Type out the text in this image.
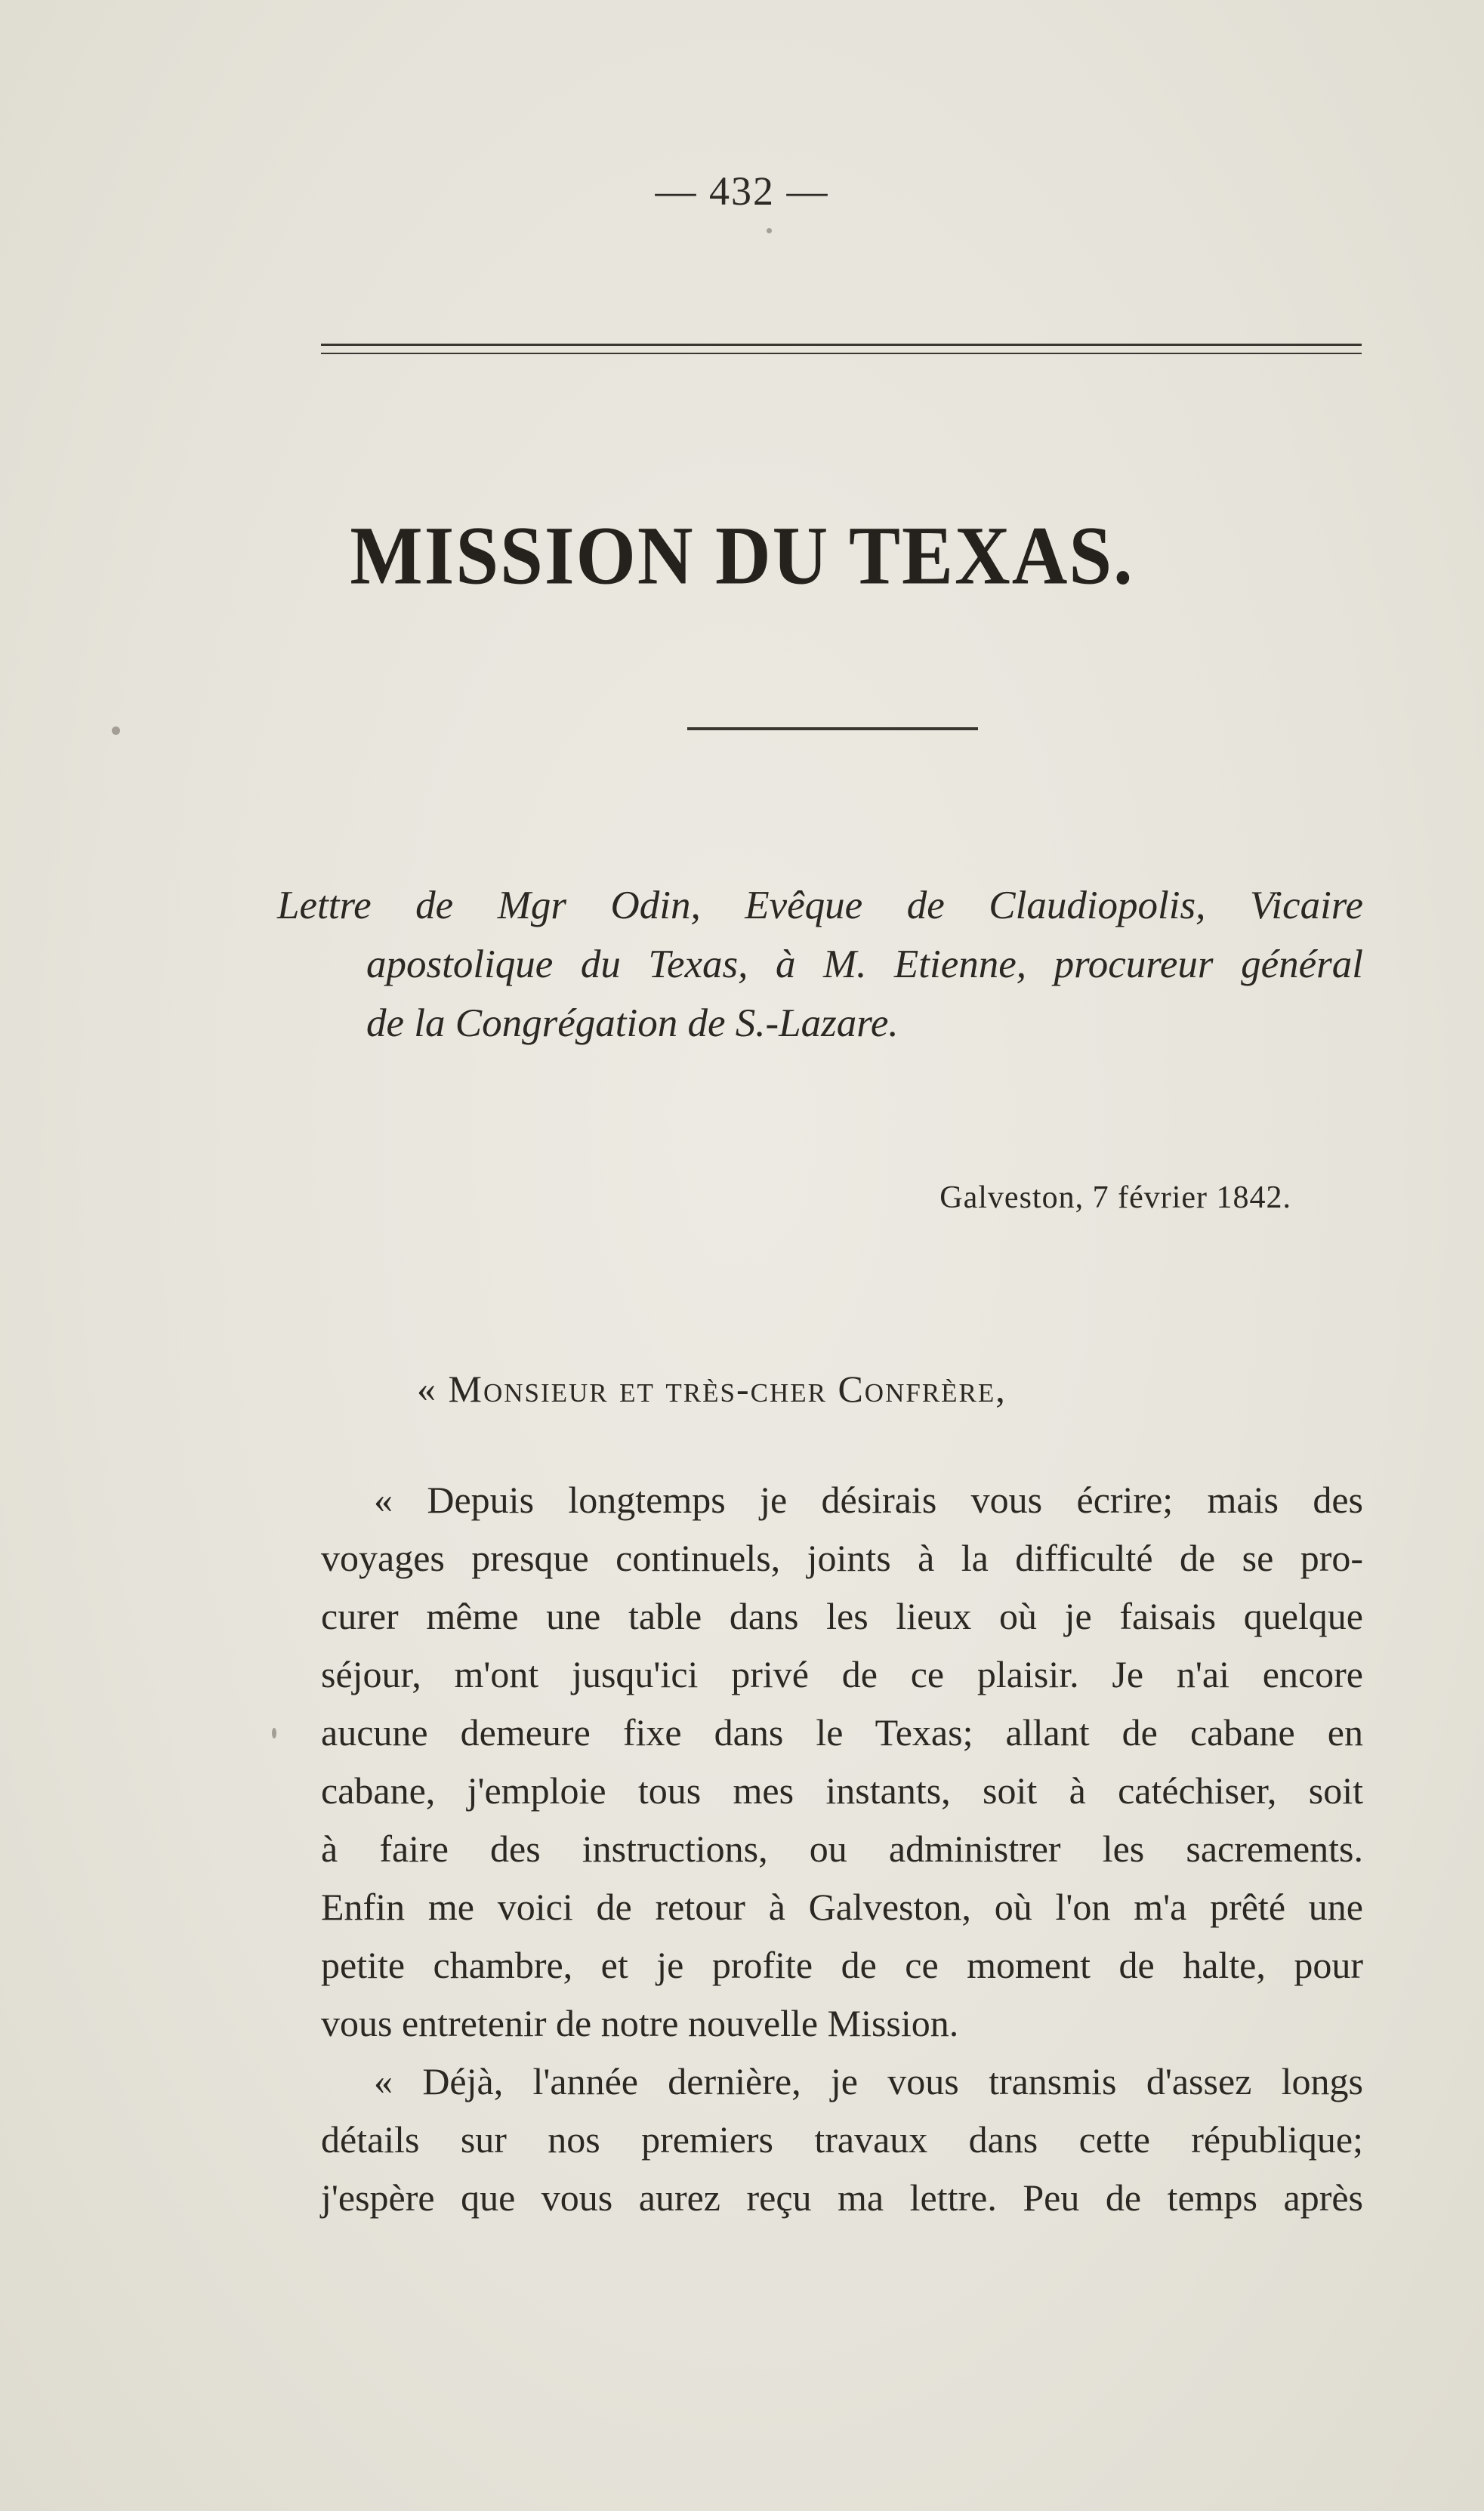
— 432 —
MISSION DU TEXAS.
Lettre de Mgr Odin, Evêque de Claudiopolis, Vicaire
apostolique du Texas, à M. Etienne, procureur général
de la Congrégation de S.-Lazare.
Galveston, 7 février 1842.
« Monsieur et très-cher Confrère,
« Depuis longtemps je désirais vous écrire; mais des
voyages presque continuels, joints à la difficulté de se pro-
curer même une table dans les lieux où je faisais quelque
séjour, m'ont jusqu'ici privé de ce plaisir. Je n'ai encore
aucune demeure fixe dans le Texas; allant de cabane en
cabane, j'emploie tous mes instants, soit à catéchiser, soit
à faire des instructions, ou administrer les sacrements.
Enfin me voici de retour à Galveston, où l'on m'a prêté une
petite chambre, et je profite de ce moment de halte, pour
vous entretenir de notre nouvelle Mission.
« Déjà, l'année dernière, je vous transmis d'assez longs
détails sur nos premiers travaux dans cette république;
j'espère que vous aurez reçu ma lettre. Peu de temps après
